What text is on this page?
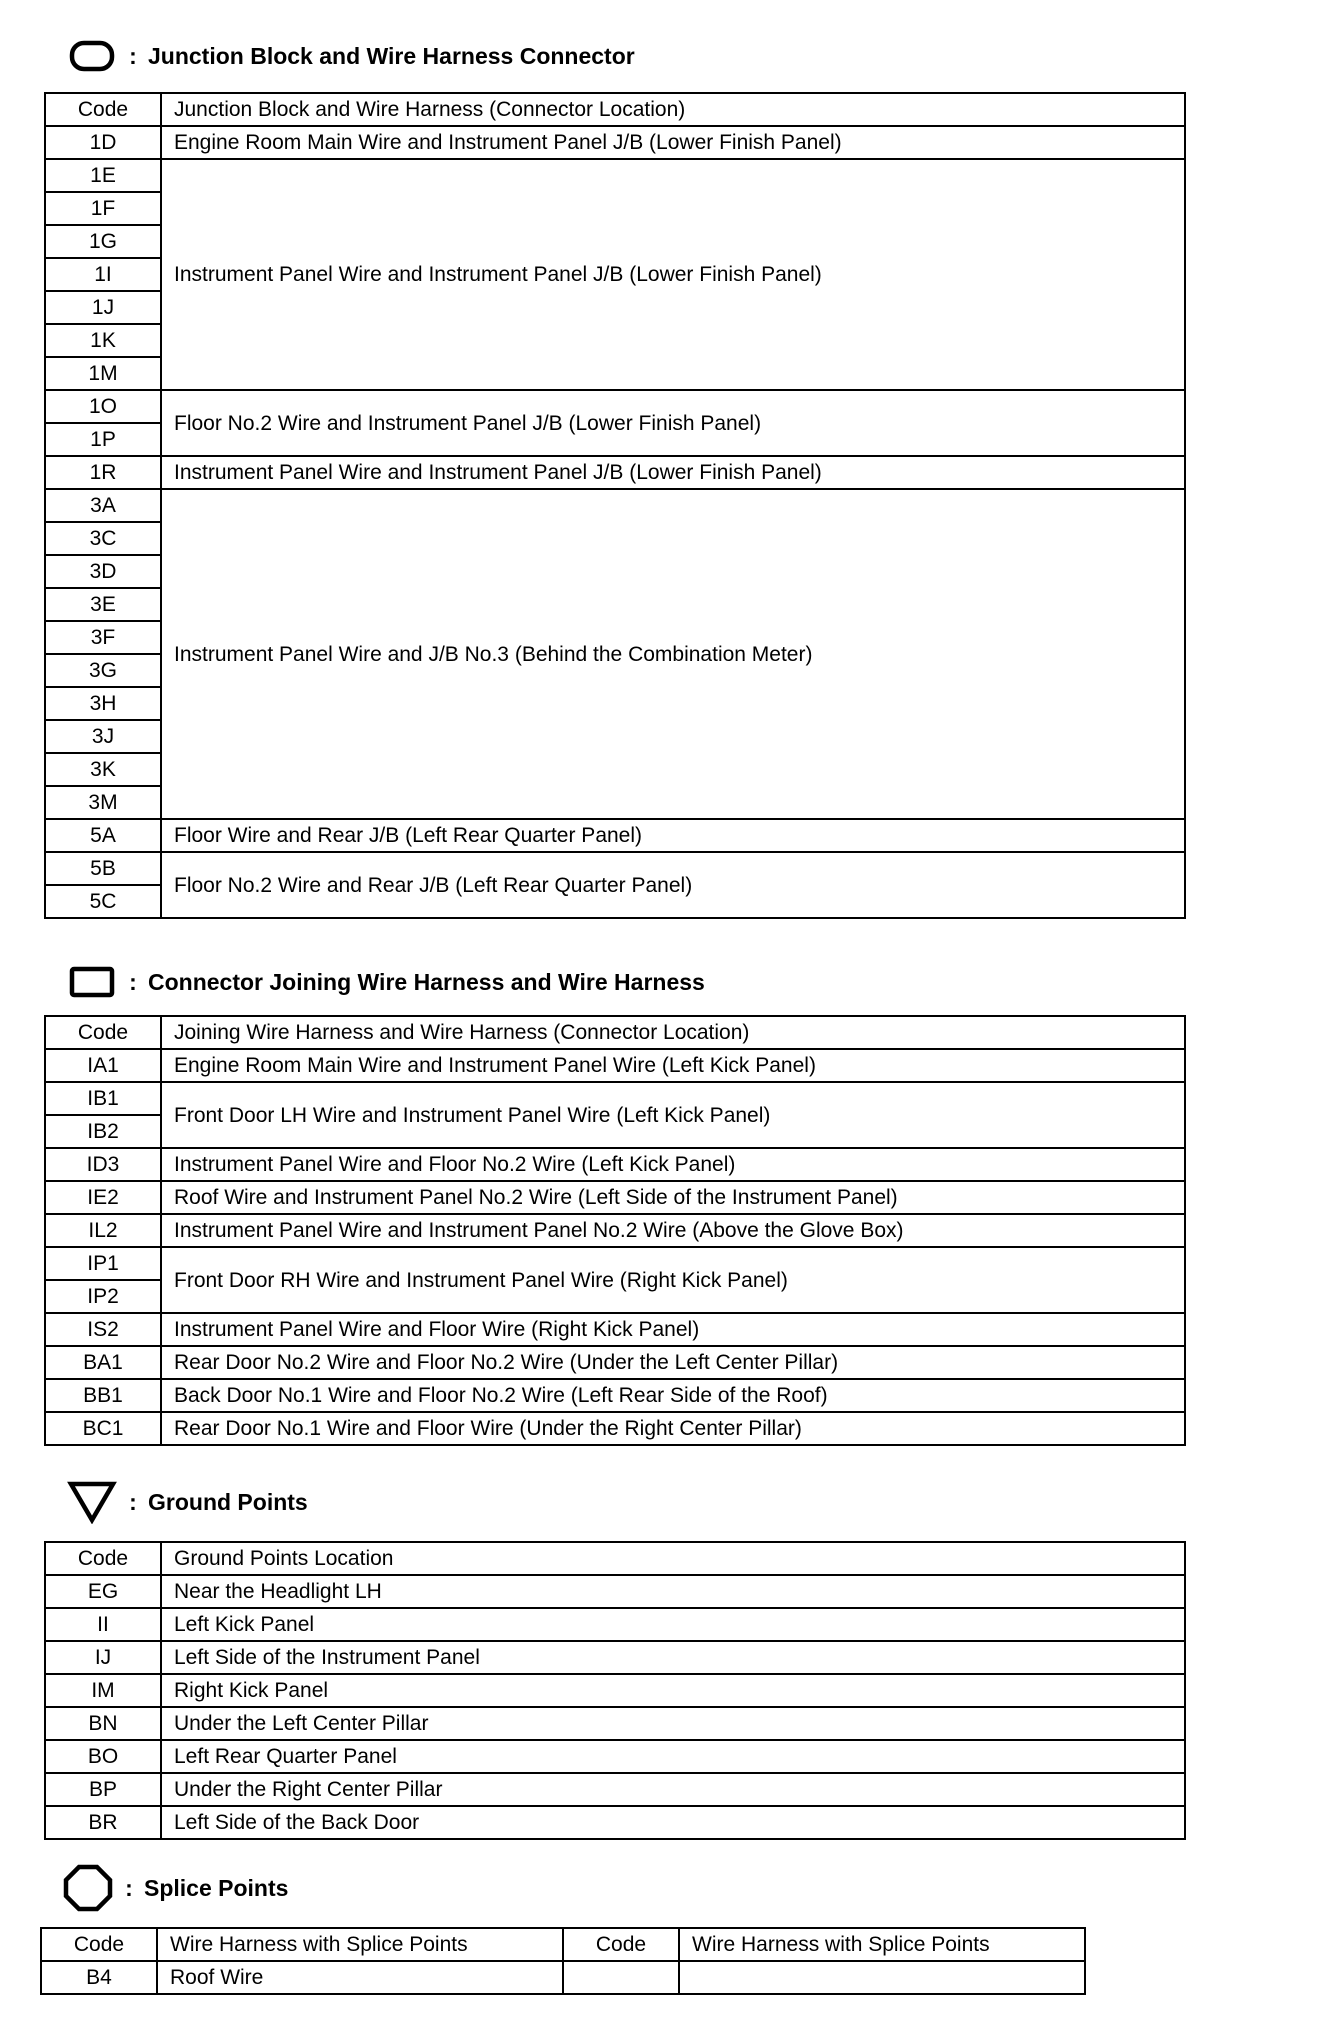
: Junction Block and Wire Harness Connector
Code	Junction Block and Wire Harness (Connector Location)
1D	Engine Room Main Wire and Instrument Panel J/B (Lower Finish Panel)
1E	Instrument Panel Wire and Instrument Panel J/B (Lower Finish Panel)
1F	
1G	
1I	
1J	
1K	
1M	
1O	Floor No.2 Wire and Instrument Panel J/B (Lower Finish Panel)
1P	
1R	Instrument Panel Wire and Instrument Panel J/B (Lower Finish Panel)
3A	Instrument Panel Wire and J/B No.3 (Behind the Combination Meter)
3C	
3D	
3E	
3F	
3G	
3H	
3J	
3K	
3M	
5A	Floor Wire and Rear J/B (Left Rear Quarter Panel)
5B	Floor No.2 Wire and Rear J/B (Left Rear Quarter Panel)
5C	
: Connector Joining Wire Harness and Wire Harness
Code	Joining Wire Harness and Wire Harness (Connector Location)
IA1	Engine Room Main Wire and Instrument Panel Wire (Left Kick Panel)
IB1	Front Door LH Wire and Instrument Panel Wire (Left Kick Panel)
IB2	
ID3	Instrument Panel Wire and Floor No.2 Wire (Left Kick Panel)
IE2	Roof Wire and Instrument Panel No.2 Wire (Left Side of the Instrument Panel)
IL2	Instrument Panel Wire and Instrument Panel No.2 Wire (Above the Glove Box)
IP1	Front Door RH Wire and Instrument Panel Wire (Right Kick Panel)
IP2	
IS2	Instrument Panel Wire and Floor Wire (Right Kick Panel)
BA1	Rear Door No.2 Wire and Floor No.2 Wire (Under the Left Center Pillar)
BB1	Back Door No.1 Wire and Floor No.2 Wire (Left Rear Side of the Roof)
BC1	Rear Door No.1 Wire and Floor Wire (Under the Right Center Pillar)
: Ground Points
Code	Ground Points Location
EG	Near the Headlight LH
II	Left Kick Panel
IJ	Left Side of the Instrument Panel
IM	Right Kick Panel
BN	Under the Left Center Pillar
BO	Left Rear Quarter Panel
BP	Under the Right Center Pillar
BR	Left Side of the Back Door
: Splice Points
Code	Wire Harness with Splice Points	Code	Wire Harness with Splice Points
B4	Roof Wire		
